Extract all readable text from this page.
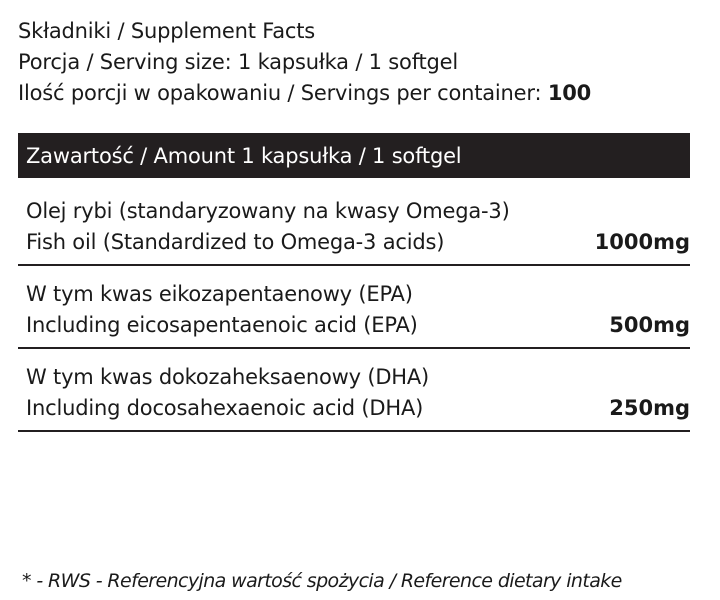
Składniki / Supplement Facts
Porcja / Serving size: 1 kapsułka / 1 softgel
Ilość porcji w opakowaniu / Servings per container: 100
Zawartość / Amount 1 kapsułka / 1 softgel
Olej rybi (standaryzowany na kwasy Omega-3)
Fish oil (Standardized to Omega-3 acids)	1000mg
W tym kwas eikozapentaenowy (EPA)
Including eicosapentaenoic acid (EPA)	500mg
W tym kwas dokozaheksaenowy (DHA)
Including docosahexaenoic acid (DHA)	250mg
* - RWS - Referencyjna wartość spożycia / Reference dietary intake
